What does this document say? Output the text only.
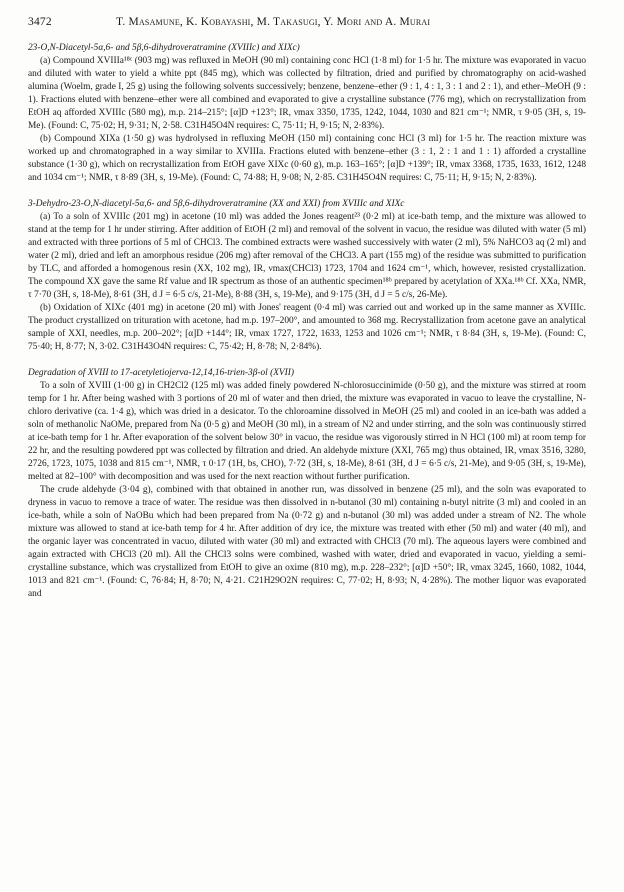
3472	T. Masamune, K. Kobayashi, M. Takasugi, Y. Mori and A. Murai
23-O,N-Diacetyl-5α,6- and 5β,6-dihydroveratramine (XVIIIc) and XIXc)

(a) Compound XVIIIa¹⁸ᶜ (903 mg) was refluxed in MeOH (90 ml) containing conc HCl (1·8 ml) for 1·5 hr. The mixture was evaporated in vacuo and diluted with water to yield a white ppt (845 mg), which was collected by filtration, dried and purified by chromatography on acid-washed alumina (Woelm, grade I, 25 g) using the following solvents successively; benzene, benzene–ether (9 : 1, 4 : 1, 3 : 1 and 2 : 1), and ether–MeOH (9 : 1). Fractions eluted with benzene–ether were all combined and evaporated to give a crystalline substance (776 mg), which on recrystallization from EtOH aq afforded XVIIIc (580 mg), m.p. 214–215°; [α]D +123°; IR, νmax 3350, 1735, 1242, 1044, 1030 and 821 cm⁻¹; NMR, τ 9·05 (3H, s, 19-Me). (Found: C, 75·02; H, 9·31; N, 2·58. C31H45O4N requires: C, 75·11; H, 9·15; N, 2·83%).

(b) Compound XIXa (1·50 g) was hydrolysed in refluxing MeOH (150 ml) containing conc HCl (3 ml) for 1·5 hr. The reaction mixture was worked up and chromatographed in a way similar to XVIIIa. Fractions eluted with benzene–ether (3 : 1, 2 : 1 and 1 : 1) afforded a crystalline substance (1·30 g), which on recrystallization from EtOH gave XIXc (0·60 g), m.p. 163–165°; [α]D +139°; IR, νmax 3368, 1735, 1633, 1612, 1248 and 1034 cm⁻¹; NMR, τ 8·89 (3H, s, 19-Me). (Found: C, 74·88; H, 9·08; N, 2·85. C31H45O4N requires: C, 75·11; H, 9·15; N, 2·83%).

3-Dehydro-23-O,N-diacetyl-5α,6- and 5β,6-dihydroveratramine (XX and XXI) from XVIIIc and XIXc

(a) To a soln of XVIIIc (201 mg) in acetone (10 ml) was added the Jones reagent²³ (0·2 ml) at ice-bath temp, and the mixture was allowed to stand at the temp for 1 hr under stirring. After addition of EtOH (2 ml) and removal of the solvent in vacuo, the residue was diluted with water (5 ml) and extracted with three portions of 5 ml of CHCl3. The combined extracts were washed successively with water (2 ml), 5% NaHCO3 aq (2 ml) and water (2 ml), dried and left an amorphous residue (206 mg) after removal of the CHCl3. A part (155 mg) of the residue was submitted to purification by TLC, and afforded a homogenous resin (XX, 102 mg), IR, νmax(CHCl3) 1723, 1704 and 1624 cm⁻¹, which, however, resisted crystallization. The compound XX gave the same Rf value and IR spectrum as those of an authentic specimen¹⁸ᵇ prepared by acetylation of XXa.¹⁸ᵇ Cf. XXa, NMR, τ 7·70 (3H, s, 18-Me), 8·61 (3H, d J = 6·5 c/s, 21-Me), 8·88 (3H, s, 19-Me), and 9·175 (3H, d J = 5 c/s, 26-Me).

(b) Oxidation of XIXc (401 mg) in acetone (20 ml) with Jones' reagent (0·4 ml) was carried out and worked up in the same manner as XVIIIc. The product crystallized on trituration with acetone, had m.p. 197–200°, and amounted to 368 mg. Recrystallization from acetone gave an analytical sample of XXI, needles, m.p. 200–202°; [α]D +144°; IR, νmax 1727, 1722, 1633, 1253 and 1026 cm⁻¹; NMR, τ 8·84 (3H, s, 19-Me). (Found: C, 75·40; H, 8·77; N, 3·02. C31H43O4N requires: C, 75·42; H, 8·78; N, 2·84%).

Degradation of XVIII to 17-acetyletiojerva-12,14,16-trien-3β-ol (XVII)

To a soln of XVIII (1·00 g) in CH2Cl2 (125 ml) was added finely powdered N-chlorosuccinimide (0·50 g), and the mixture was stirred at room temp for 1 hr. After being washed with 3 portions of 20 ml of water and then dried, the mixture was evaporated in vacuo to leave the crystalline, N-chloro derivative (ca. 1·4 g), which was dried in a desicator. To the chloroamine dissolved in MeOH (25 ml) and cooled in an ice-bath was added a soln of methanolic NaOMe, prepared from Na (0·5 g) and MeOH (30 ml), in a stream of N2 and under stirring, and the soln was continuously stirred at ice-bath temp for 1 hr. After evaporation of the solvent below 30° in vacuo, the residue was vigorously stirred in N HCl (100 ml) at room temp for 22 hr, and the resulting powdered ppt was collected by filtration and dried. An aldehyde mixture (XXI, 765 mg) thus obtained, IR, νmax 3516, 3280, 2726, 1723, 1075, 1038 and 815 cm⁻¹, NMR, τ 0·17 (1H, bs, CHO), 7·72 (3H, s, 18-Me), 8·61 (3H, d J = 6·5 c/s, 21-Me), and 9·05 (3H, s, 19-Me), melted at 82–100° with decomposition and was used for the next reaction without further purification.

The crude aldehyde (3·04 g), combined with that obtained in another run, was dissolved in benzene (25 ml), and the soln was evaporated to dryness in vacuo to remove a trace of water. The residue was then dissolved in n-butanol (30 ml) containing n-butyl nitrite (3 ml) and cooled in an ice-bath, while a soln of NaOBu which had been prepared from Na (0·72 g) and n-butanol (30 ml) was added under a stream of N2. The whole mixture was allowed to stand at ice-bath temp for 4 hr. After addition of dry ice, the mixture was treated with ether (50 ml) and water (40 ml), and the organic layer was concentrated in vacuo, diluted with water (30 ml) and extracted with CHCl3 (70 ml). The aqueous layers were combined and again extracted with CHCl3 (20 ml). All the CHCl3 solns were combined, washed with water, dried and evaporated in vacuo, yielding a semi-crystalline substance, which was crystallized from EtOH to give an oxime (810 mg), m.p. 228–232°; [α]D +50°; IR, νmax 3245, 1660, 1082, 1044, 1013 and 821 cm⁻¹. (Found: C, 76·84; H, 8·70; N, 4·21. C21H29O2N requires: C, 77·02; H, 8·93; N, 4·28%). The mother liquor was evaporated and
